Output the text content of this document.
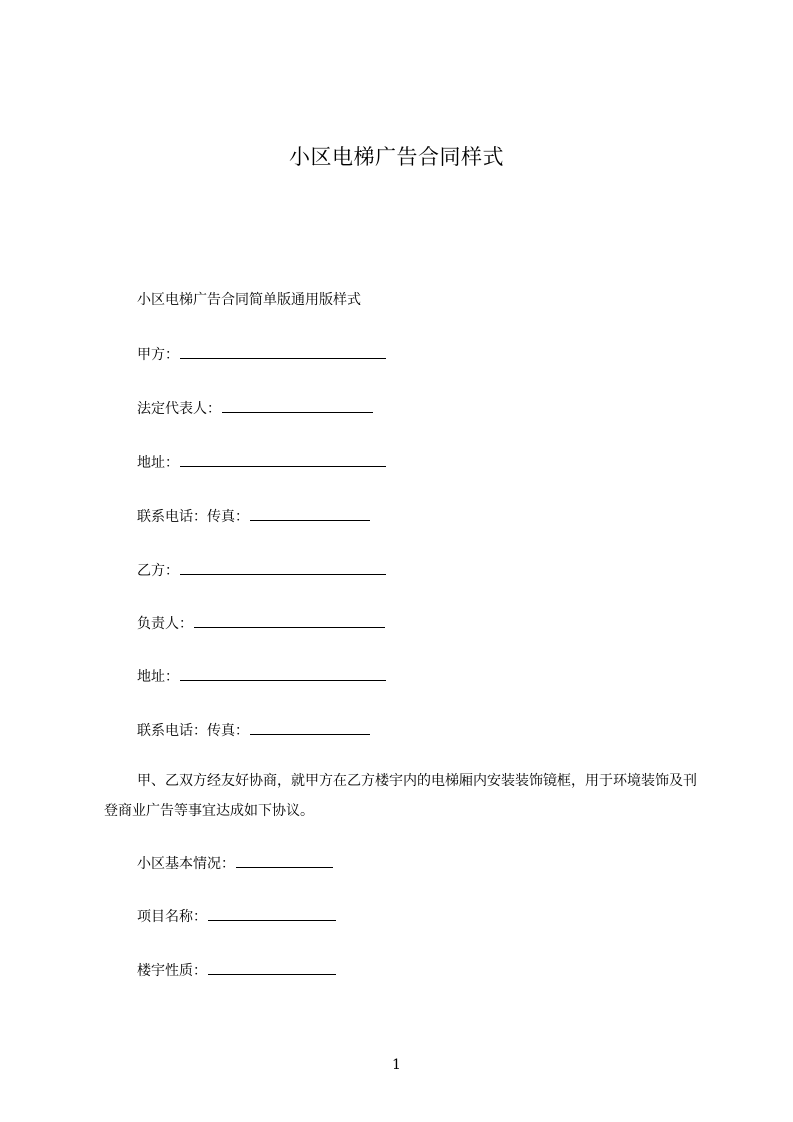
小区电梯广告合同样式
小区电梯广告合同简单版通用版样式
甲方：
法定代表人：
地址：
联系电话：传真：
乙方：
负责人：
地址：
联系电话：传真：
甲、乙双方经友好协商，就甲方在乙方楼宇内的电梯厢内安装装饰镜框，用于环境装饰及刊登商业广告等事宜达成如下协议。
小区基本情况：
项目名称：
楼宇性质：
1
